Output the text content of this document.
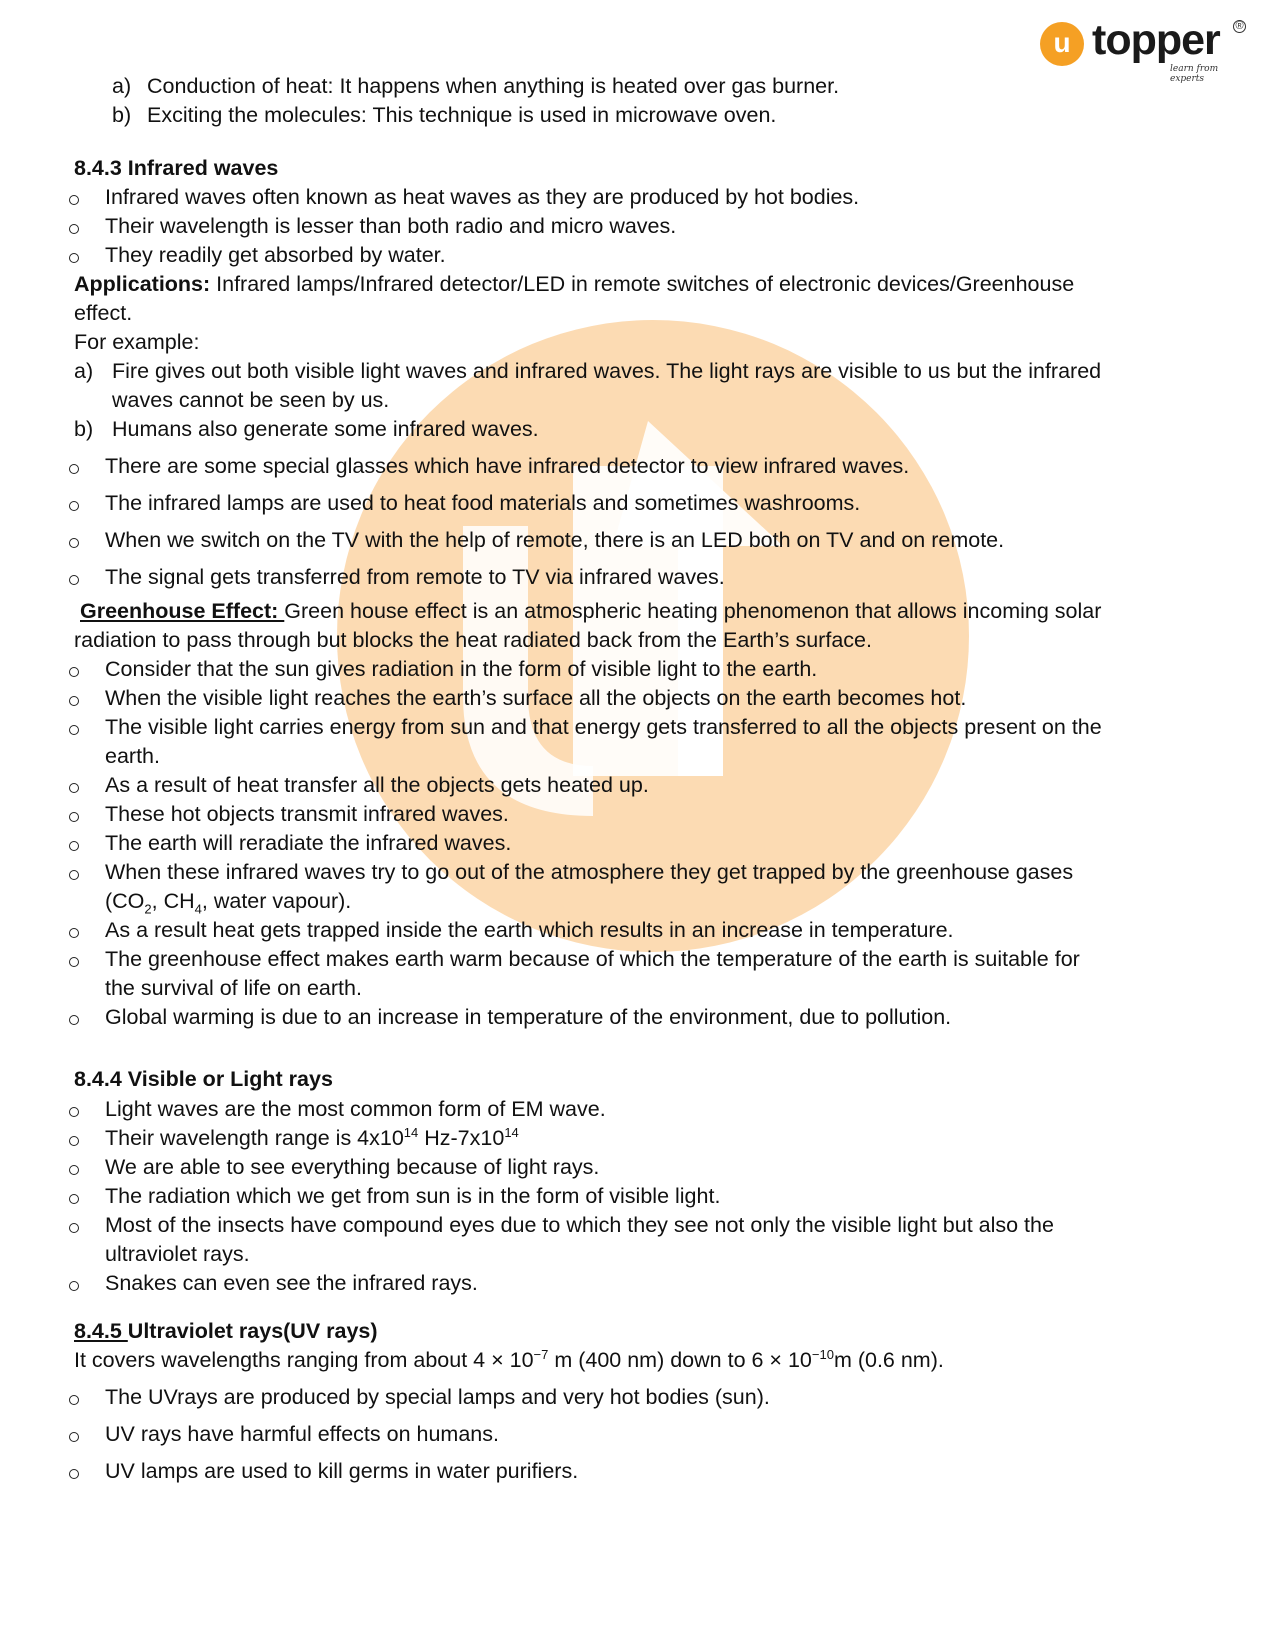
u topper ®
learn from experts
a) Conduction of heat: It happens when anything is heated over gas burner.
b) Exciting the molecules: This technique is used in microwave oven.
8.4.3 Infrared waves
Infrared waves often known as heat waves as they are produced by hot bodies.
Their wavelength is lesser than both radio and micro waves.
They readily get absorbed by water.
Applications: Infrared lamps/Infrared detector/LED in remote switches of electronic devices/Greenhouse
effect.
For example:
a) Fire gives out both visible light waves and infrared waves. The light rays are visible to us but the infrared
waves cannot be seen by us.
b) Humans also generate some infrared waves.
There are some special glasses which have infrared detector to view infrared waves.
The infrared lamps are used to heat food materials and sometimes washrooms.
When we switch on the TV with the help of remote, there is an LED both on TV and on remote.
The signal gets transferred from remote to TV via infrared waves.
Greenhouse Effect: Green house effect is an atmospheric heating phenomenon that allows incoming solar
radiation to pass through but blocks the heat radiated back from the Earth’s surface.
Consider that the sun gives radiation in the form of visible light to the earth.
When the visible light reaches the earth’s surface all the objects on the earth becomes hot.
The visible light carries energy from sun and that energy gets transferred to all the objects present on the
earth.
As a result of heat transfer all the objects gets heated up.
These hot objects transmit infrared waves.
The earth will reradiate the infrared waves.
When these infrared waves try to go out of the atmosphere they get trapped by the greenhouse gases
($CO_2$, $CH_4$, water vapour).
As a result heat gets trapped inside the earth which results in an increase in temperature.
The greenhouse effect makes earth warm because of which the temperature of the earth is suitable for
the survival of life on earth.
Global warming is due to an increase in temperature of the environment, due to pollution.
8.4.4 Visible or Light rays
Light waves are the most common form of EM wave.
Their wavelength range is $4x10^{14}$ $Hz-7x10^{14}$
We are able to see everything because of light rays.
The radiation which we get from sun is in the form of visible light.
Most of the insects have compound eyes due to which they see not only the visible light but also the
ultraviolet rays.
Snakes can even see the infrared rays.
8.4.5 Ultraviolet rays(UV rays)
It covers wavelengths ranging from about $4 \times 10^{-7}$ m (400 nm) down to $6 \times 10^{-10}m$ (0.6 nm).
The UVrays are produced by special lamps and very hot bodies (sun).
UV rays have harmful effects on humans.
UV lamps are used to kill germs in water purifiers.
